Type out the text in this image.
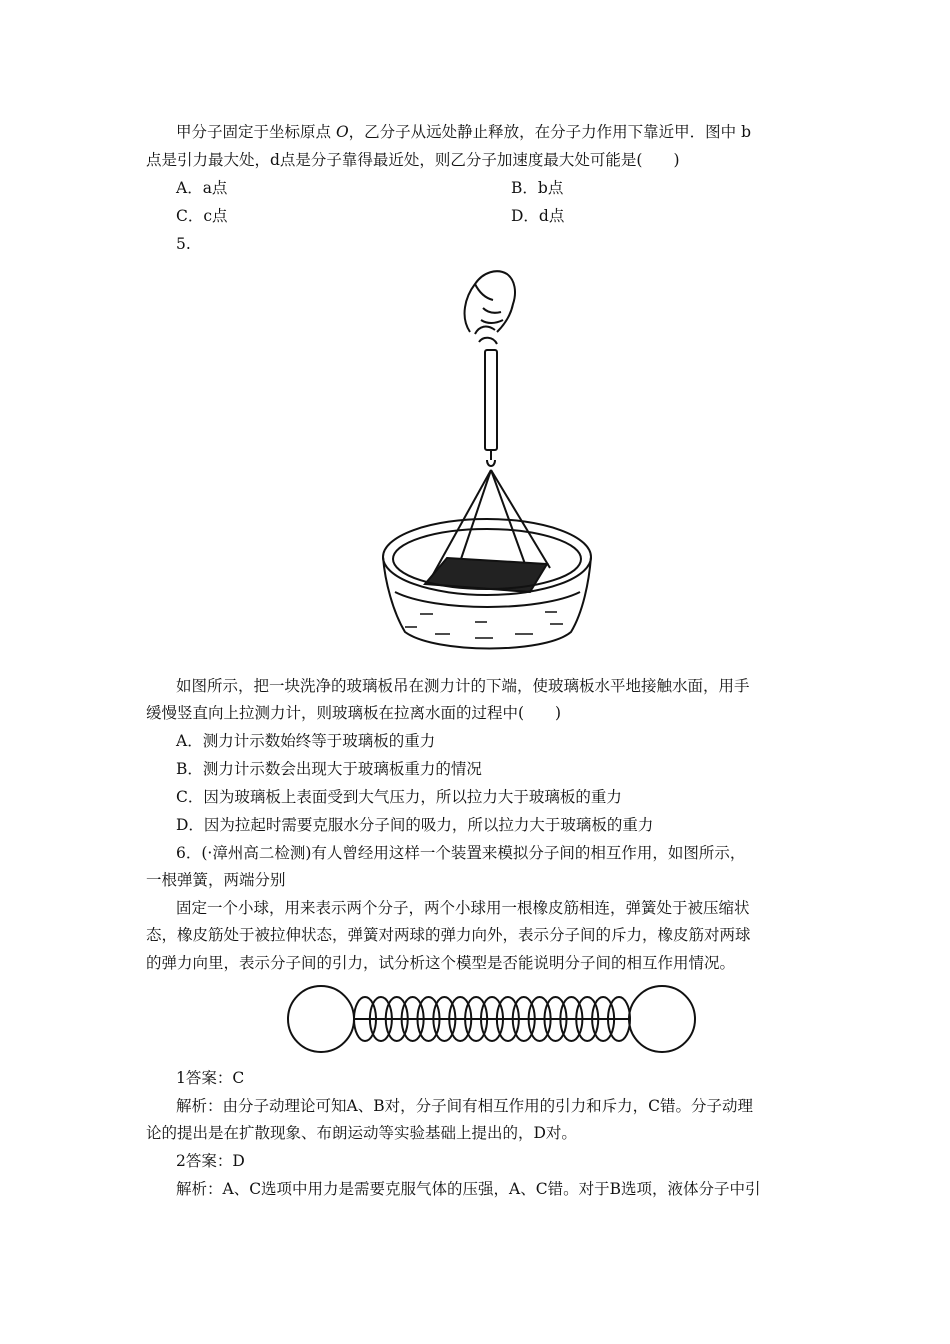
甲分子固定于坐标原点 O，乙分子从远处静止释放，在分子力作用下靠近甲．图中 b
点是引力最大处，d点是分子靠得最近处，则乙分子加速度最大处可能是(　　)
A．a点	B．b点
C．c点	D．d点
5.
如图所示，把一块洗净的玻璃板吊在测力计的下端，使玻璃板水平地接触水面，用手
缓慢竖直向上拉测力计，则玻璃板在拉离水面的过程中(　　)
A．测力计示数始终等于玻璃板的重力
B．测力计示数会出现大于玻璃板重力的情况
C．因为玻璃板上表面受到大气压力，所以拉力大于玻璃板的重力
D．因为拉起时需要克服水分子间的吸力，所以拉力大于玻璃板的重力
6．(·漳州高二检测)有人曾经用这样一个装置来模拟分子间的相互作用，如图所示，
一根弹簧，两端分别
固定一个小球，用来表示两个分子，两个小球用一根橡皮筋相连，弹簧处于被压缩状
态，橡皮筋处于被拉伸状态，弹簧对两球的弹力向外，表示分子间的斥力，橡皮筋对两球
的弹力向里，表示分子间的引力，试分析这个模型是否能说明分子间的相互作用情况。
1答案：C
解析：由分子动理论可知A、B对，分子间有相互作用的引力和斥力，C错。分子动理
论的提出是在扩散现象、布朗运动等实验基础上提出的，D对。
2答案：D
解析：A、C选项中用力是需要克服气体的压强，A、C错。对于B选项，液体分子中引
